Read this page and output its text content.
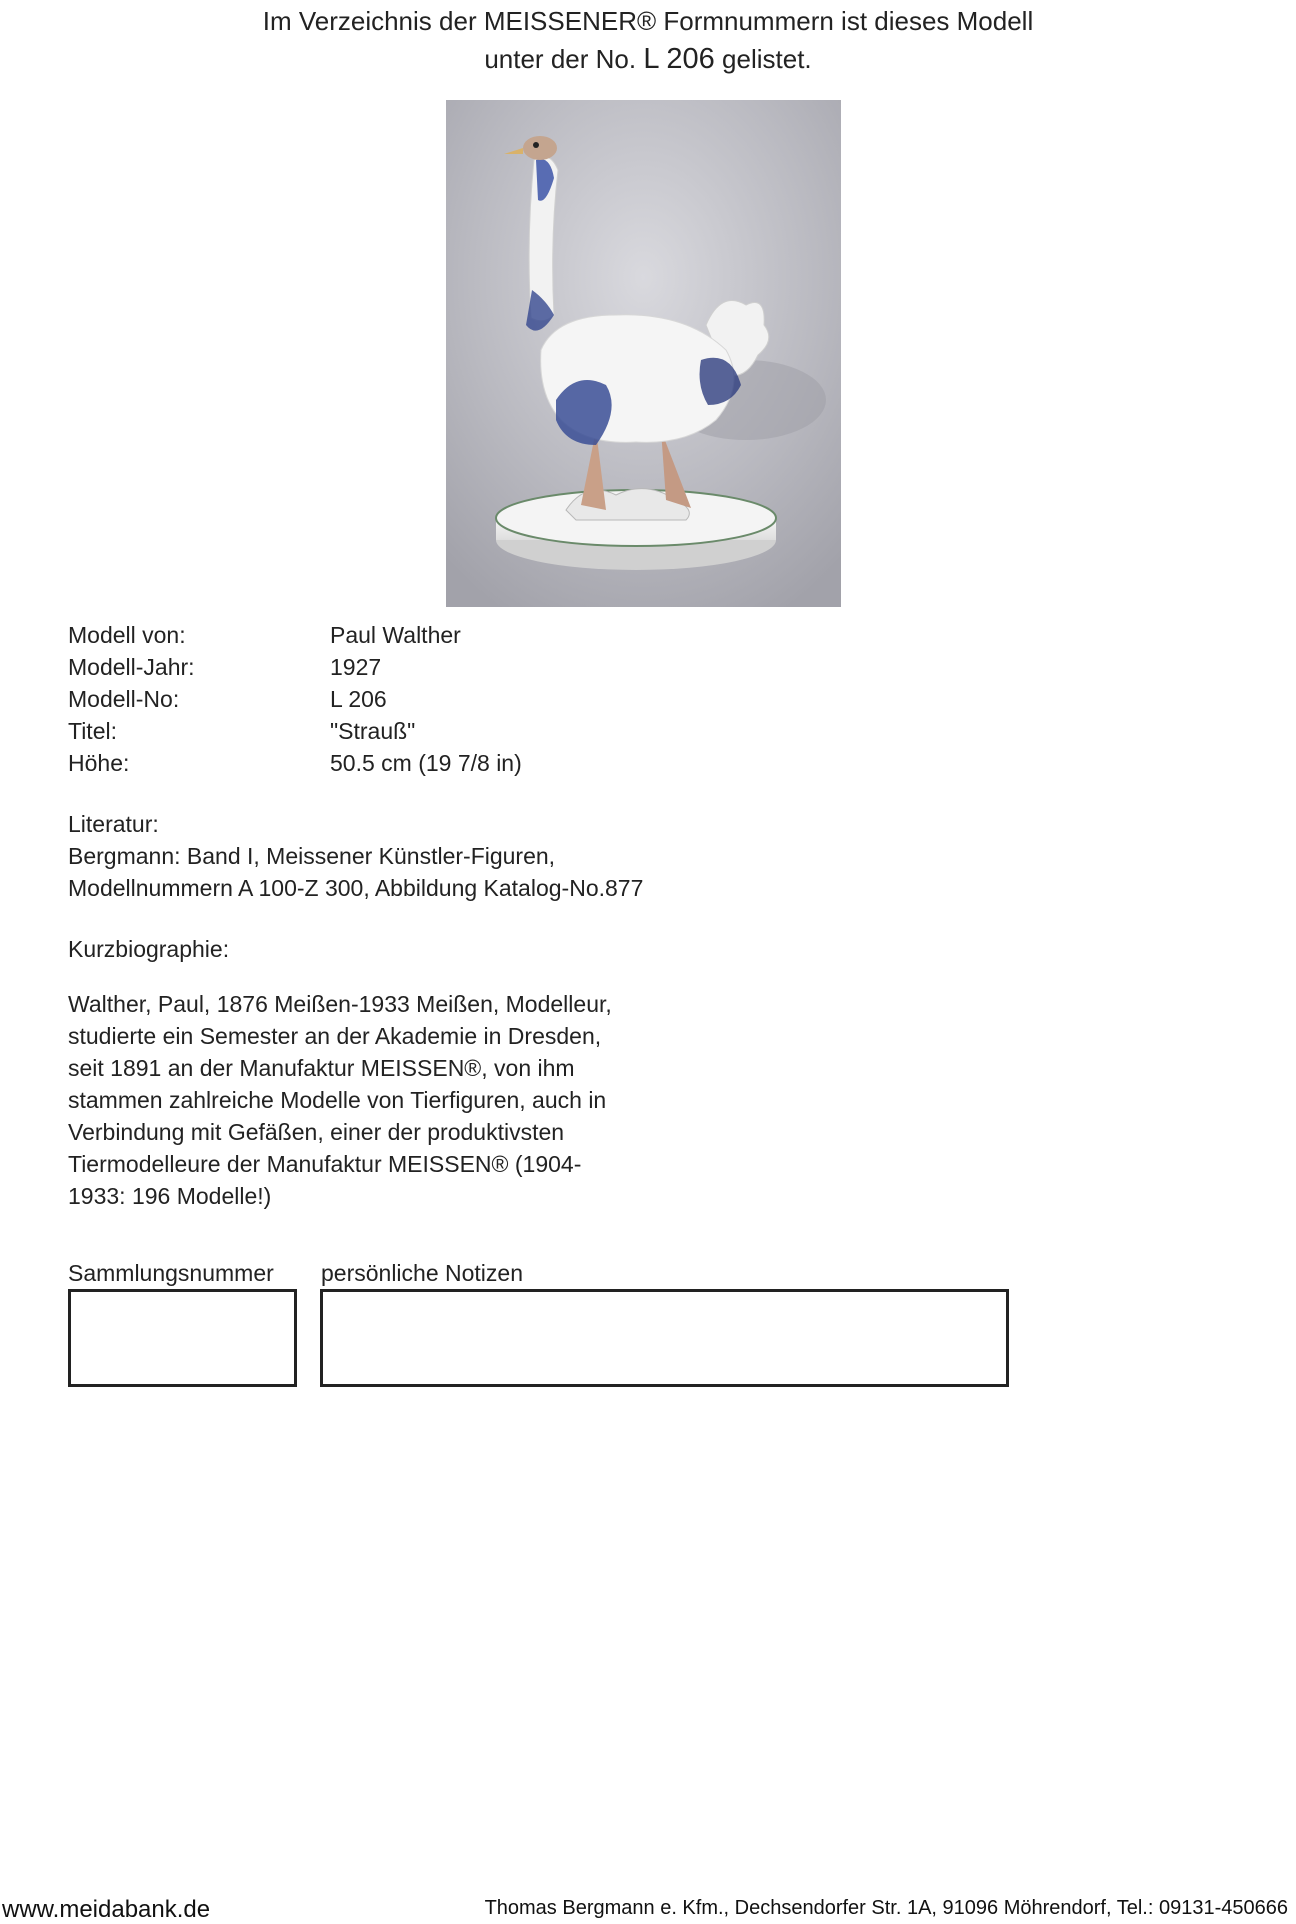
Im Verzeichnis der MEISSENER® Formnummern ist dieses Modell
unter der No. L 206 gelistet.
Modell von:	Paul Walther
Modell-Jahr:	1927
Modell-No:	L 206
Titel:	"Strauß"
Höhe:	50.5 cm (19 7/8 in)
Literatur:
Bergmann: Band I, Meissener Künstler-Figuren,
Modellnummern A 100-Z 300, Abbildung Katalog-No.877
Kurzbiographie:

Walther, Paul, 1876 Meißen-1933 Meißen, Modelleur,

studierte ein Semester an der Akademie in Dresden,

seit 1891 an der Manufaktur MEISSEN®, von ihm

stammen zahlreiche Modelle von Tierfiguren, auch in

Verbindung mit Gefäßen, einer der produktivsten

Tiermodelleure der Manufaktur MEISSEN® (1904-

1933: 196 Modelle!)

Sammlungsnummer persönliche Notizen
www.meidabank.de	Thomas Bergmann e. Kfm., Dechsendorfer Str. 1A, 91096 Möhrendorf, Tel.: 09131-450666
